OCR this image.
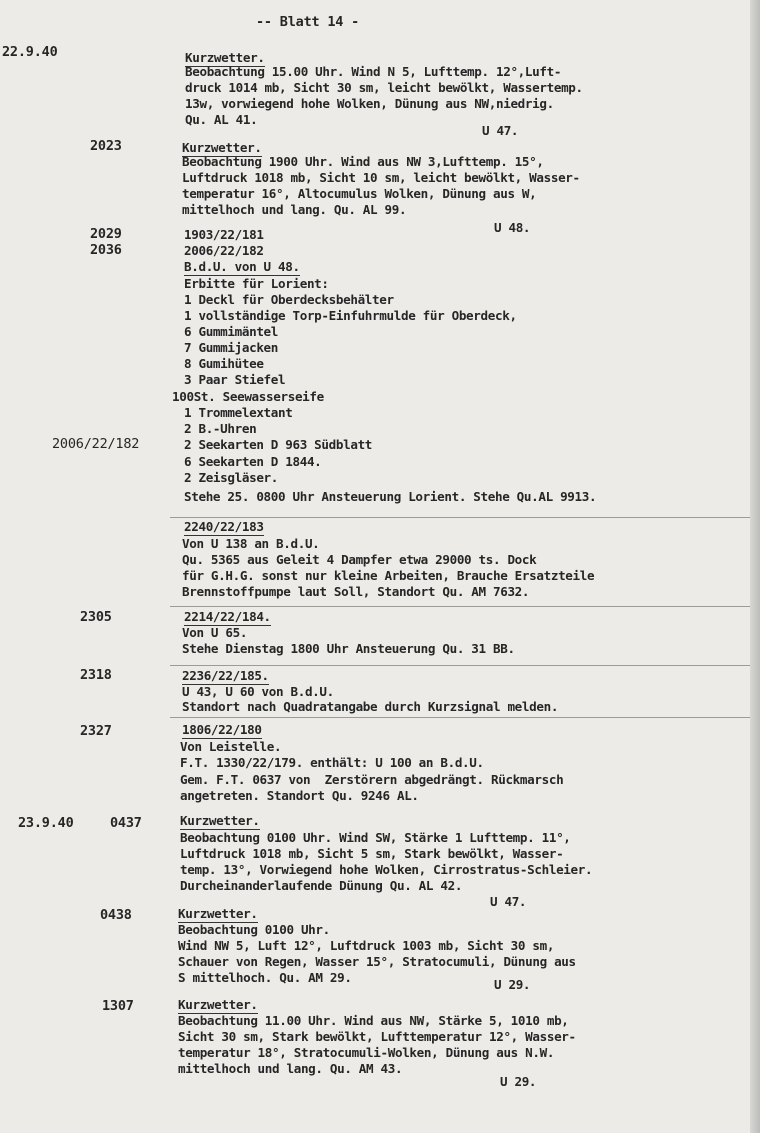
-- Blatt 14 -
22.9.40	Kurzwetter.
Beobachtung 15.00 Uhr. Wind N 5, Lufttemp. 12°,Luft-
druck 1014 mb, Sicht 30 sm, leicht bewölkt, Wassertemp.
13w, vorwiegend hohe Wolken, Dünung aus NW,niedrig.
Qu. AL 41.
U 47.
2023	Kurzwetter.
Beobachtung 1900 Uhr. Wind aus NW 3,Lufttemp. 15°,
Luftdruck 1018 mb, Sicht 10 sm, leicht bewölkt, Wasser-
temperatur 16°, Altocumulus Wolken, Dünung aus W,
mittelhoch und lang. Qu. AL 99.
U 48.
2029	1903/22/181
2036	2006/22/182
B.d.U. von U 48.
Erbitte für Lorient:
1 Deckl für Oberdecksbehälter
1 vollständige Torp-Einfuhrmulde für Oberdeck,
6 Gummimäntel
7 Gummijacken
8 Gumihütee
3 Paar Stiefel
100St. Seewasserseife
1 Trommelextant
2006/22/182
2 B.-Uhren
2 Seekarten D 963 Südblatt
6 Seekarten D 1844.
2 Zeisgläser.
Stehe 25. 0800 Uhr Ansteuerung Lorient. Stehe Qu.AL 9913.
2240/22/183
Von U 138 an B.d.U.
Qu. 5365 aus Geleit 4 Dampfer etwa 29000 ts. Dock
für G.H.G. sonst nur kleine Arbeiten, Brauche Ersatzteile
Brennstoffpumpe laut Soll, Standort Qu. AM 7632.
2305	2214/22/184.
Von U 65.
Stehe Dienstag 1800 Uhr Ansteuerung Qu. 31 BB.
2318	2236/22/185.
U 43, U 60 von B.d.U.
Standort nach Quadratangabe durch Kurzsignal melden.
2327	1806/22/180
Von Leistelle.
F.T. 1330/22/179. enthält: U 100 an B.d.U.
Gem. F.T. 0637 von  Zerstörern abgedrängt. Rückmarsch
angetreten. Standort Qu. 9246 AL.
23.9.40	0437	Kurzwetter.
Beobachtung 0100 Uhr. Wind SW, Stärke 1 Lufttemp. 11°,
Luftdruck 1018 mb, Sicht 5 sm, Stark bewölkt, Wasser-
temp. 13°, Vorwiegend hohe Wolken, Cirrostratus-Schleier.
Durcheinanderlaufende Dünung Qu. AL 42.
U 47.
0438	Kurzwetter.
Beobachtung 0100 Uhr.
Wind NW 5, Luft 12°, Luftdruck 1003 mb, Sicht 30 sm,
Schauer von Regen, Wasser 15°, Stratocumuli, Dünung aus
S mittelhoch. Qu. AM 29.	U 29.
1307	Kurzwetter.
Beobachtung 11.00 Uhr. Wind aus NW, Stärke 5, 1010 mb,
Sicht 30 sm, Stark bewölkt, Lufttemperatur 12°, Wasser-
temperatur 18°, Stratocumuli-Wolken, Dünung aus N.W.
mittelhoch und lang. Qu. AM 43.
U 29.
